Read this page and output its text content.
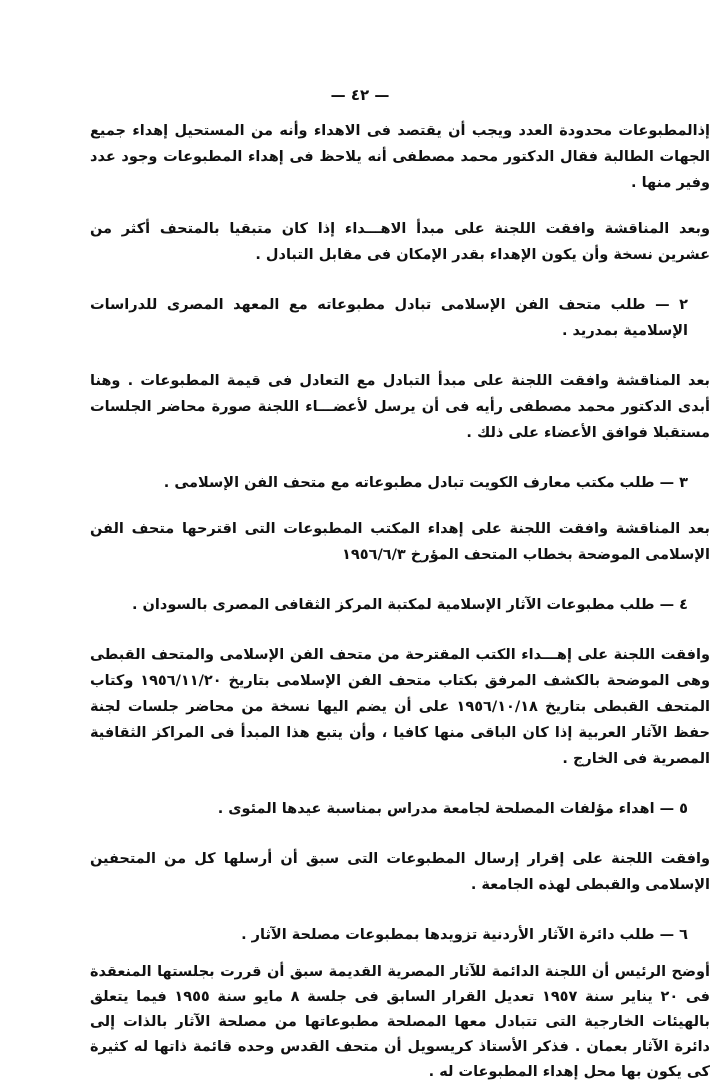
— ٤٢ —

إذالمطبوعات محدودة العدد ويجب أن يقتصد فى الاهداء وأنه من المستحيل إهداء جميع الجهات الطالبة فقال الدكتور محمد مصطفى أنه يلاحظ فى إهداء المطبوعات وجود عدد وفير منها .

وبعد المناقشة وافقت اللجنة على مبدأ الاهـــداء إذا كان متبقيا بالمتحف أكثر من عشرين نسخة وأن يكون الإهداء بقدر الإمكان فى مقابل التبادل .

٢ — طلب متحف الفن الإسلامى تبادل مطبوعاته مع المعهد المصرى للدراسات الإسلامية بمدريد .

بعد المناقشة وافقت اللجنة على مبدأ التبادل مع التعادل فى قيمة المطبوعات . وهنا أبدى الدكتور محمد مصطفى رأيه فى أن يرسل لأعضـــاء اللجنة صورة محاضر الجلسات مستقبلا فوافق الأعضاء على ذلك .

٣ — طلب مكتب معارف الكويت تبادل مطبوعاته مع متحف الفن الإسلامى .

بعد المناقشة وافقت اللجنة على إهداء المكتب المطبوعات التى اقترحها متحف الفن الإسلامى الموضحة بخطاب المتحف المؤرخ ١٩٥٦/٦/٣

٤ — طلب مطبوعات الآثار الإسلامية لمكتبة المركز الثقافى المصرى بالسودان .

وافقت اللجنة على إهـــداء الكتب المقترحة من متحف الفن الإسلامى والمتحف القبطى وهى الموضحة بالكشف المرفق بكتاب متحف الفن الإسلامى بتاريخ ١٩٥٦/١١/٢٠ وكتاب المتحف القبطى بتاريخ ١٩٥٦/١٠/١٨ على أن يضم اليها نسخة من محاضر جلسات لجنة حفظ الآثار العربية إذا كان الباقى منها كافيا ، وأن يتبع هذا المبدأ فى المراكز الثقافية المصرية فى الخارج .

٥ — اهداء مؤلفات المصلحة لجامعة مدراس بمناسبة عيدها المئوى .

وافقت اللجنة على إقرار إرسال المطبوعات التى سبق أن أرسلها كل من المتحفين الإسلامى والقبطى لهذه الجامعة .

٦ — طلب دائرة الآثار الأردنية تزويدها بمطبوعات مصلحة الآثار .

أوضح الرئيس أن اللجنة الدائمة للآثار المصرية القديمة سبق أن قررت بجلستها المنعقدة فى ٢٠ يناير سنة ١٩٥٧ تعديل القرار السابق فى جلسة ٨ مايو سنة ١٩٥٥ فيما يتعلق بالهيئات الخارجية التى تتبادل معها المصلحة مطبوعاتها من مصلحة الآثار بالذات إلى دائرة الآثار بعمان . فذكر الأستاذ كريسويل أن متحف القدس وحده قائمة ذاتها له كثيرة كى يكون بها محل إهداء المطبوعات له .
